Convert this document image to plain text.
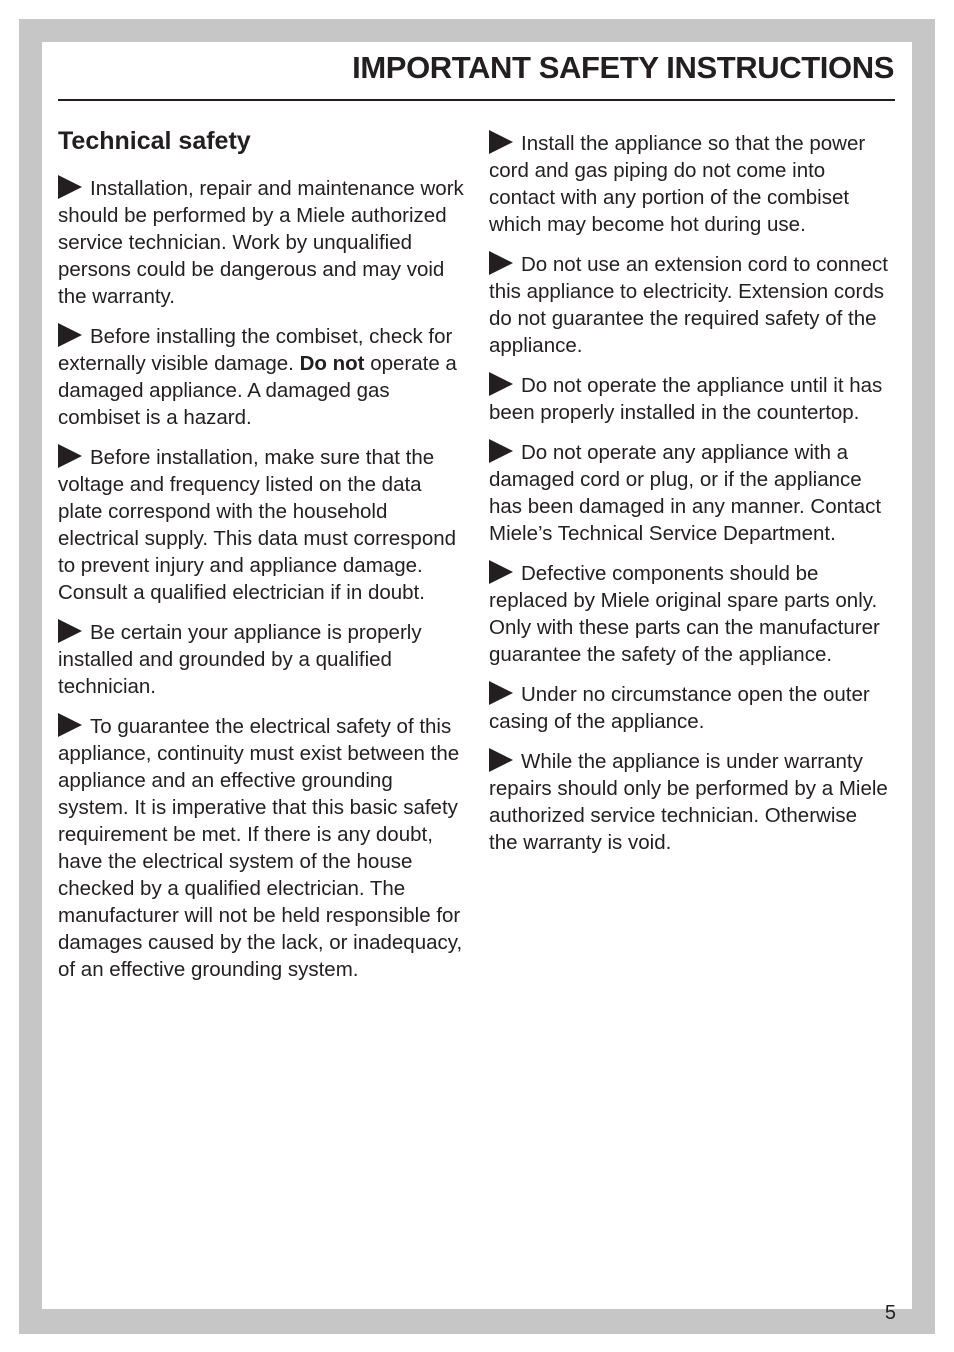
IMPORTANT SAFETY INSTRUCTIONS
Technical safety

Installation, repair and maintenance work should be performed by a Miele authorized service technician. Work by unqualified persons could be dangerous and may void the warranty.

Before installing the combiset, check for externally visible damage. Do not operate a damaged appliance. A damaged gas combiset is a hazard.

Before installation, make sure that the voltage and frequency listed on the data plate correspond with the household electrical supply. This data must correspond to prevent injury and appliance damage. Consult a qualified electrician if in doubt.

Be certain your appliance is properly installed and grounded by a qualified technician.

To guarantee the electrical safety of this appliance, continuity must exist between the appliance and an effective grounding system. It is imperative that this basic safety requirement be met. If there is any doubt, have the electrical system of the house checked by a qualified electrician. The manufacturer will not be held responsible for damages caused by the lack, or inadequacy, of an effective grounding system.

Install the appliance so that the power cord and gas piping do not come into contact with any portion of the combiset which may become hot during use.

Do not use an extension cord to connect this appliance to electricity. Extension cords do not guarantee the required safety of the appliance.

Do not operate the appliance until it has been properly installed in the countertop.

Do not operate any appliance with a damaged cord or plug, or if the appliance has been damaged in any manner. Contact Miele’s Technical Service Department.

Defective components should be replaced by Miele original spare parts only. Only with these parts can the manufacturer guarantee the safety of the appliance.

Under no circumstance open the outer casing of the appliance.

While the appliance is under warranty repairs should only be performed by a Miele authorized service technician. Otherwise the warranty is void.

5
